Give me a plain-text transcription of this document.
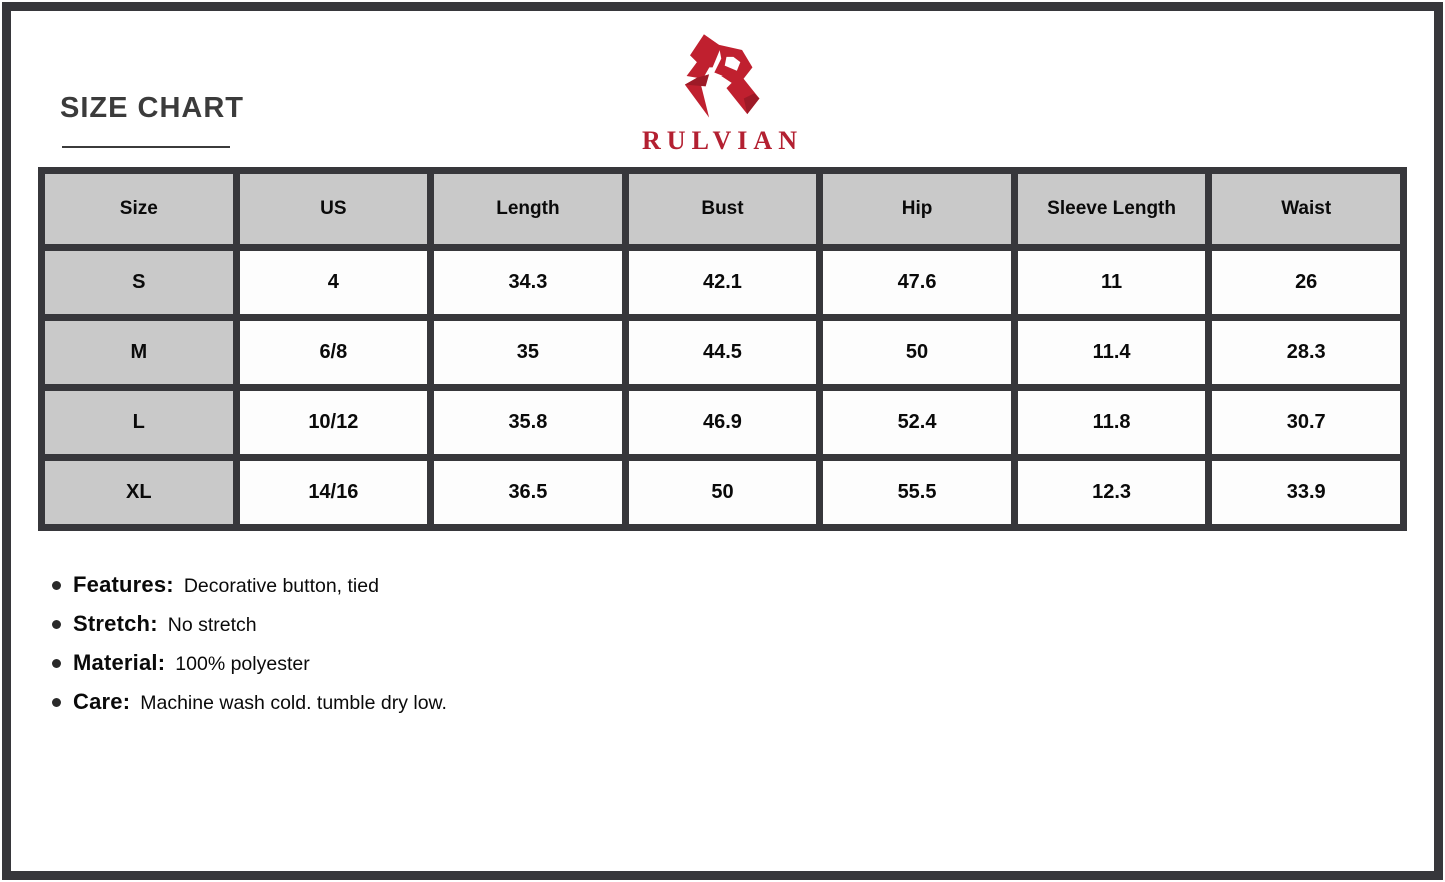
SIZE CHART
RULVIAN
Size	US	Length	Bust	Hip	Sleeve Length	Waist
S	4	34.3	42.1	47.6	11	26
M	6/8	35	44.5	50	11.4	28.3
L	10/12	35.8	46.9	52.4	11.8	30.7
XL	14/16	36.5	50	55.5	12.3	33.9
Features: Decorative button, tied
Stretch: No stretch
Material: 100% polyester
Care: Machine wash cold. tumble dry low.
